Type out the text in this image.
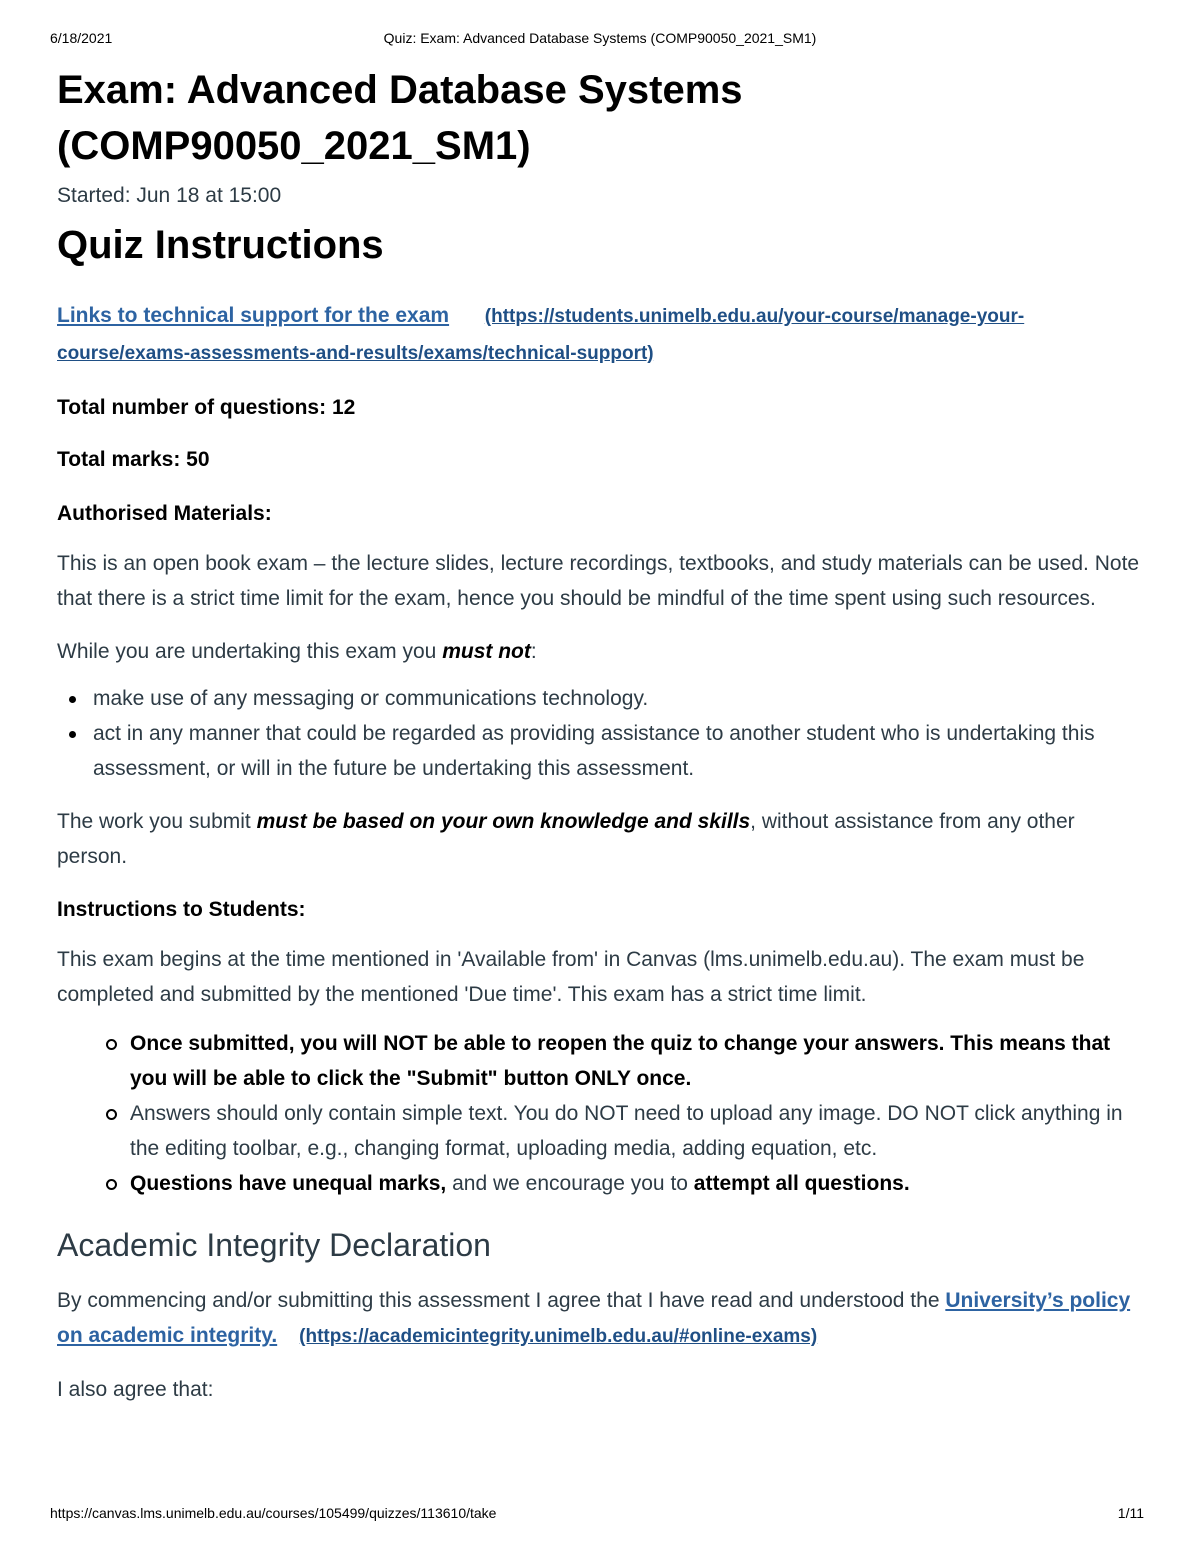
6/18/2021	Quiz: Exam: Advanced Database Systems (COMP90050_2021_SM1)
Exam: Advanced Database Systems (COMP90050_2021_SM1)
Started: Jun 18 at 15:00
Quiz Instructions
Links to technical support for the exam (https://students.unimelb.edu.au/your-course/manage-your-course/exams-assessments-and-results/exams/technical-support)
Total number of questions: 12
Total marks: 50
Authorised Materials:
This is an open book exam – the lecture slides, lecture recordings, textbooks, and study materials can be used. Note that there is a strict time limit for the exam, hence you should be mindful of the time spent using such resources.
While you are undertaking this exam you must not:
make use of any messaging or communications technology.
act in any manner that could be regarded as providing assistance to another student who is undertaking this assessment, or will in the future be undertaking this assessment.
The work you submit must be based on your own knowledge and skills, without assistance from any other person.
Instructions to Students:
This exam begins at the time mentioned in 'Available from' in Canvas (lms.unimelb.edu.au). The exam must be completed and submitted by the mentioned 'Due time'. This exam has a strict time limit.
Once submitted, you will NOT be able to reopen the quiz to change your answers. This means that you will be able to click the "Submit" button ONLY once.
Answers should only contain simple text. You do NOT need to upload any image. DO NOT click anything in the editing toolbar, e.g., changing format, uploading media, adding equation, etc.
Questions have unequal marks, and we encourage you to attempt all questions.
Academic Integrity Declaration
By commencing and/or submitting this assessment I agree that I have read and understood the University’s policy on academic integrity. (https://academicintegrity.unimelb.edu.au/#online-exams)
I also agree that:
https://canvas.lms.unimelb.edu.au/courses/105499/quizzes/113610/take	1/11
